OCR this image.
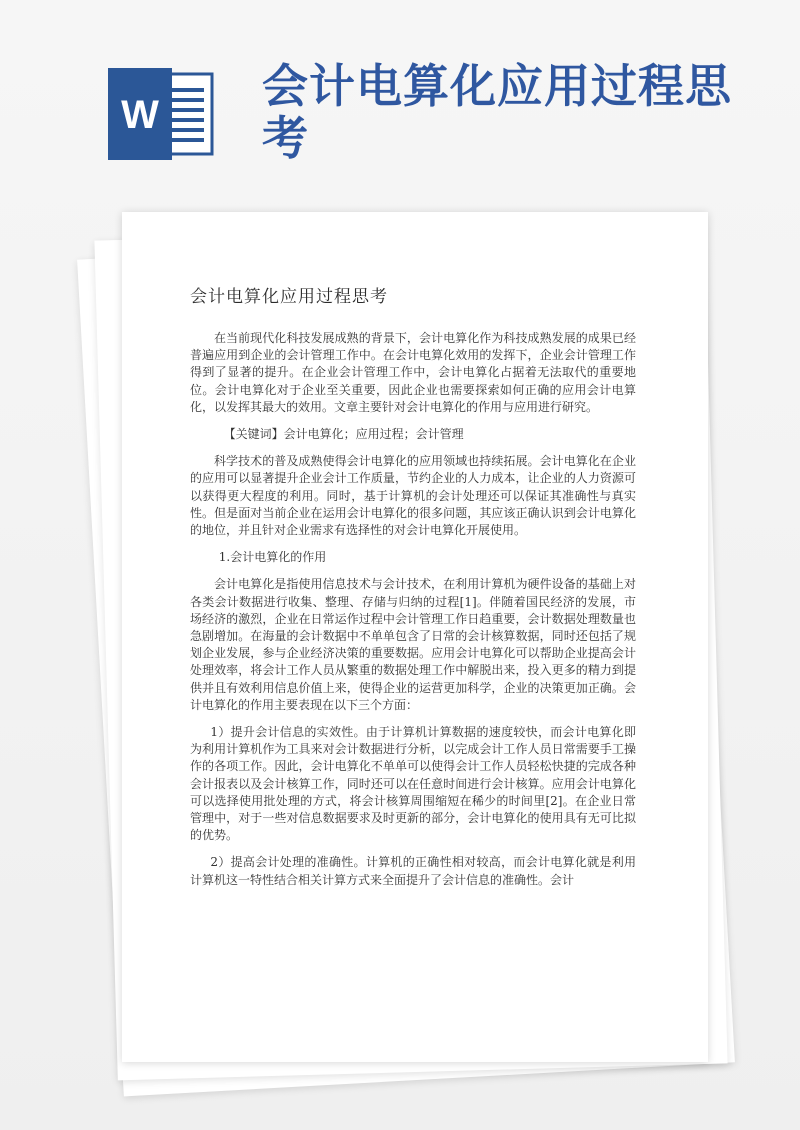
W
会计电算化应用过程思考
会计电算化应用过程思考

在当前现代化科技发展成熟的背景下，会计电算化作为科技成熟发展的成果已经普遍应用到企业的会计管理工作中。在会计电算化效用的发挥下，企业会计管理工作得到了显著的提升。在企业会计管理工作中，会计电算化占据着无法取代的重要地位。会计电算化对于企业至关重要，因此企业也需要探索如何正确的应用会计电算化，以发挥其最大的效用。文章主要针对会计电算化的作用与应用进行研究。

【关键词】会计电算化；应用过程；会计管理

科学技术的普及成熟使得会计电算化的应用领域也持续拓展。会计电算化在企业的应用可以显著提升企业会计工作质量，节约企业的人力成本，让企业的人力资源可以获得更大程度的利用。同时，基于计算机的会计处理还可以保证其准确性与真实性。但是面对当前企业在运用会计电算化的很多问题，其应该正确认识到会计电算化的地位，并且针对企业需求有选择性的对会计电算化开展使用。

1.会计电算化的作用

会计电算化是指使用信息技术与会计技术，在利用计算机为硬件设备的基础上对各类会计数据进行收集、整理、存储与归纳的过程[1]。伴随着国民经济的发展，市场经济的激烈，企业在日常运作过程中会计管理工作日趋重要，会计数据处理数量也急剧增加。在海量的会计数据中不单单包含了日常的会计核算数据，同时还包括了规划企业发展，参与企业经济决策的重要数据。应用会计电算化可以帮助企业提高会计处理效率，将会计工作人员从繁重的数据处理工作中解脱出来，投入更多的精力到提供并且有效利用信息价值上来，使得企业的运营更加科学，企业的决策更加正确。会计电算化的作用主要表现在以下三个方面：

1）提升会计信息的实效性。由于计算机计算数据的速度较快，而会计电算化即为利用计算机作为工具来对会计数据进行分析，以完成会计工作人员日常需要手工操作的各项工作。因此，会计电算化不单单可以使得会计工作人员轻松快捷的完成各种会计报表以及会计核算工作，同时还可以在任意时间进行会计核算。应用会计电算化可以选择使用批处理的方式，将会计核算周围缩短在稀少的时间里[2]。在企业日常管理中，对于一些对信息数据要求及时更新的部分，会计电算化的使用具有无可比拟的优势。

2）提高会计处理的准确性。计算机的正确性相对较高，而会计电算化就是利用计算机这一特性结合相关计算方式来全面提升了会计信息的准确性。会计
